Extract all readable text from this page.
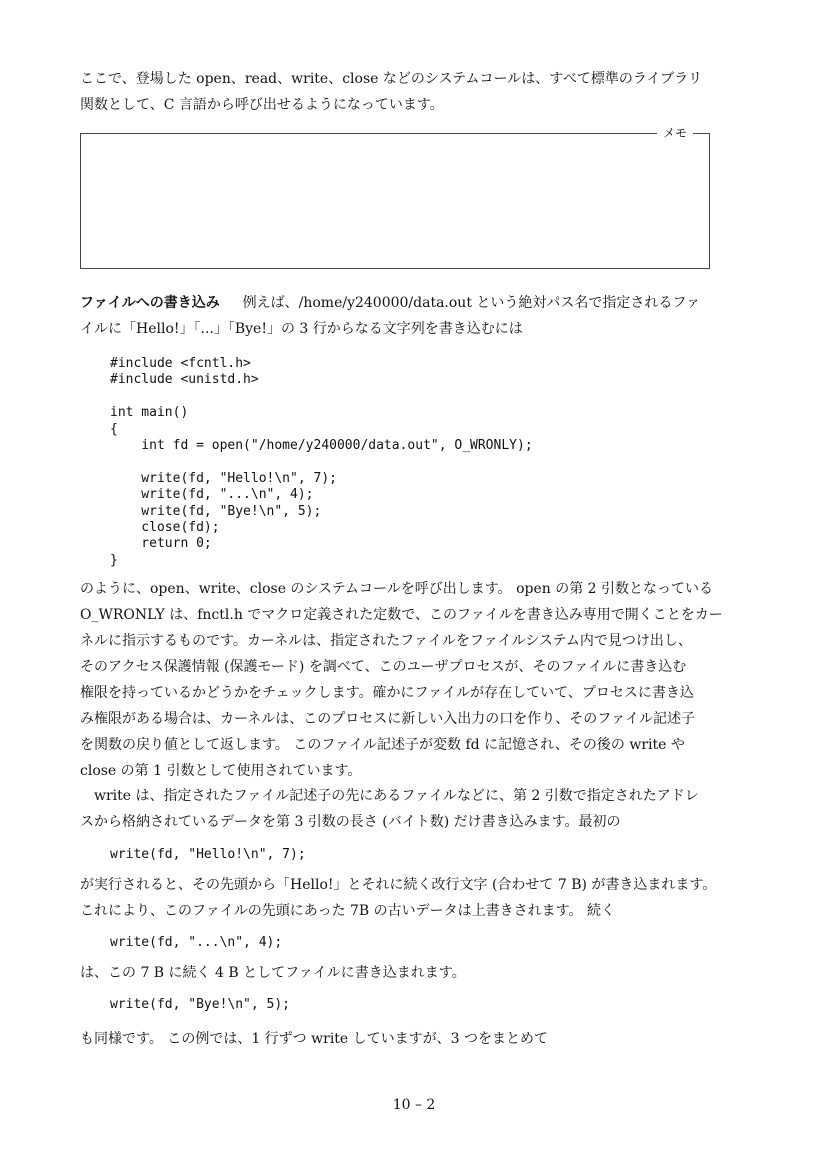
ここで、登場した open、read、write、close などのシステムコールは、すべて標準のライブラリ
関数として、C 言語から呼び出せるようになっています。
メモ
ファイルへの書き込み 例えば、/home/y240000/data.out という絶対パス名で指定されるファ
イルに「Hello!」「...」「Bye!」の 3 行からなる文字列を書き込むには
#include <fcntl.h>
#include <unistd.h>

int main()
{
int fd = open("/home/y240000/data.out", O_WRONLY);

write(fd, "Hello!\n", 7);
write(fd, "...\n", 4);
write(fd, "Bye!\n", 5);
close(fd);
return 0;
}
のように、open、write、close のシステムコールを呼び出します。 open の第 2 引数となっている
O_WRONLY は、fnctl.h でマクロ定義された定数で、このファイルを書き込み専用で開くことをカー
ネルに指示するものです。カーネルは、指定されたファイルをファイルシステム内で見つけ出し、
そのアクセス保護情報 (保護モード) を調べて、このユーザプロセスが、そのファイルに書き込む
権限を持っているかどうかをチェックします。確かにファイルが存在していて、プロセスに書き込
み権限がある場合は、カーネルは、このプロセスに新しい入出力の口を作り、そのファイル記述子
を関数の戻り値として返します。 このファイル記述子が変数 fd に記憶され、その後の write や
close の第 1 引数として使用されています。
　write は、指定されたファイル記述子の先にあるファイルなどに、第 2 引数で指定されたアドレ
スから格納されているデータを第 3 引数の長さ (バイト数) だけ書き込みます。最初の
write(fd, "Hello!\n", 7);
が実行されると、その先頭から「Hello!」とそれに続く改行文字 (合わせて 7 B) が書き込まれます。
これにより、このファイルの先頭にあった 7B の古いデータは上書きされます。 続く
write(fd, "...\n", 4);
は、この 7 B に続く 4 B としてファイルに書き込まれます。
write(fd, "Bye!\n", 5);
も同様です。 この例では、1 行ずつ write していますが、3 つをまとめて
10 – 2
